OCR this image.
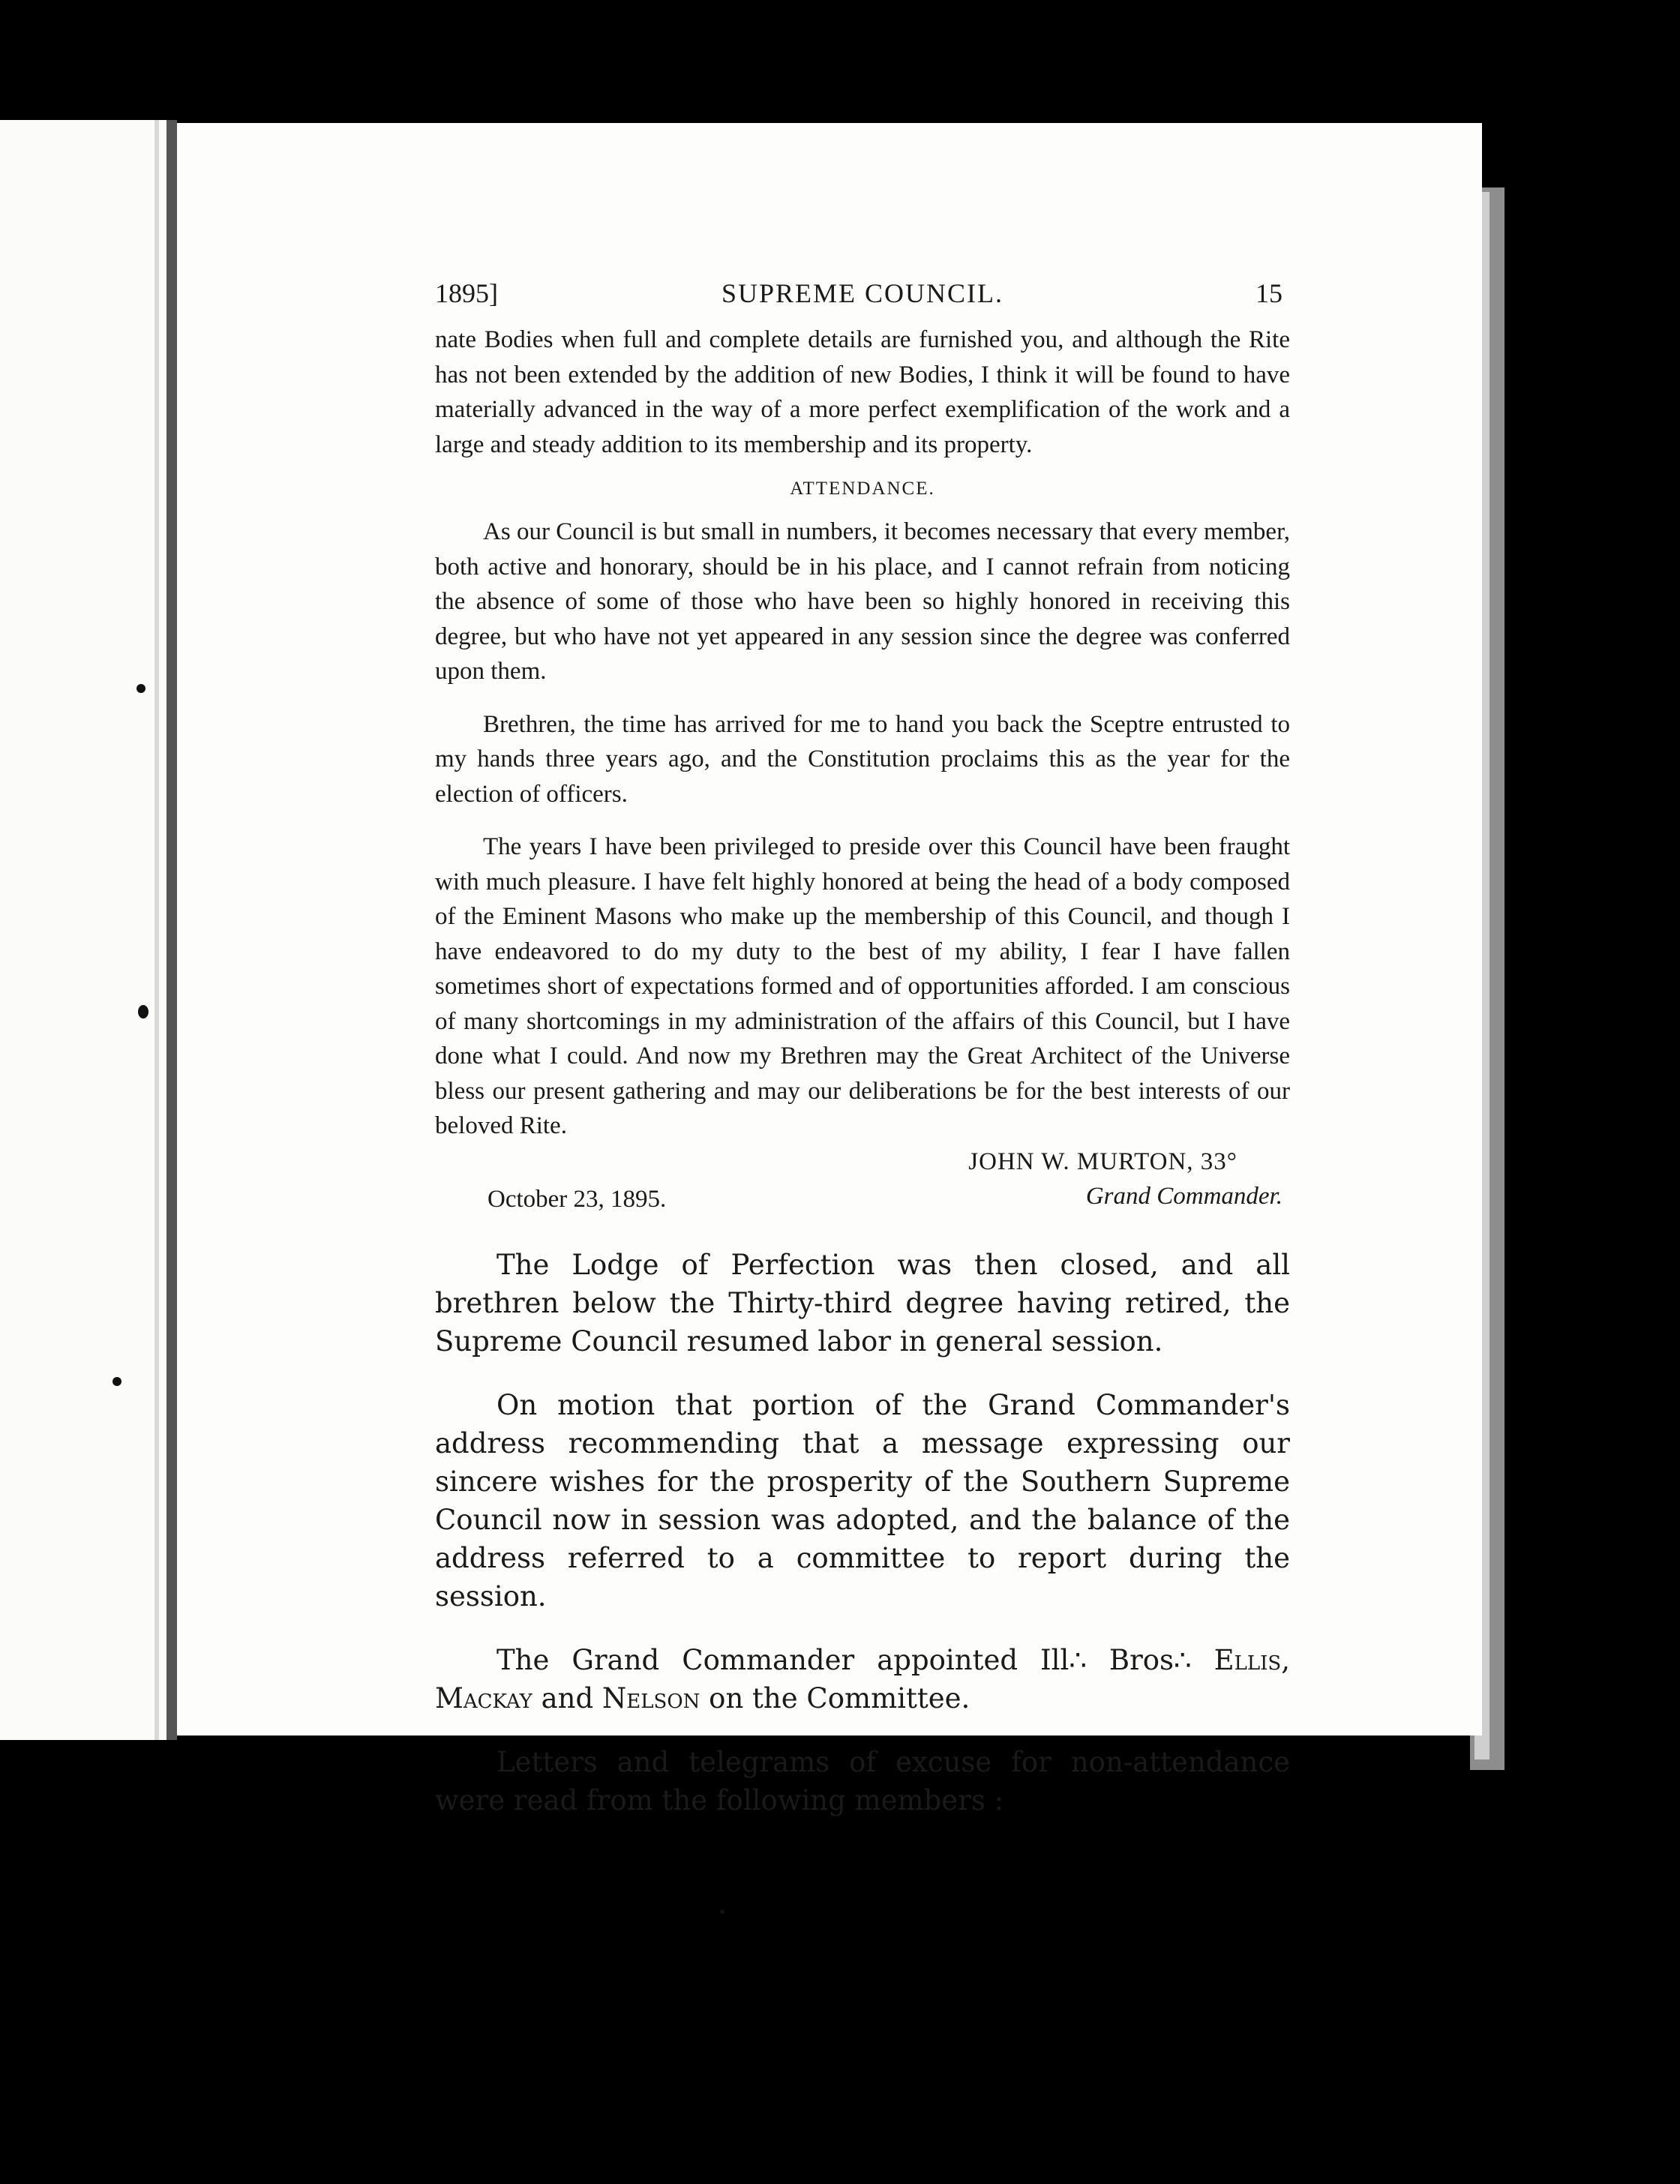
1895]	SUPREME COUNCIL.	15

nate Bodies when full and complete details are furnished you, and although the Rite has not been extended by the addition of new Bodies, I think it will be found to have materially advanced in the way of a more perfect exemplification of the work and a large and steady addition to its membership and its property.

ATTENDANCE.

As our Council is but small in numbers, it becomes necessary that every member, both active and honorary, should be in his place, and I cannot refrain from noticing the absence of some of those who have been so highly honored in receiving this degree, but who have not yet appeared in any session since the degree was conferred upon them.

Brethren, the time has arrived for me to hand you back the Sceptre entrusted to my hands three years ago, and the Constitution proclaims this as the year for the election of officers.

The years I have been privileged to preside over this Council have been fraught with much pleasure. I have felt highly honored at being the head of a body composed of the Eminent Masons who make up the membership of this Council, and though I have endeavored to do my duty to the best of my ability, I fear I have fallen sometimes short of expectations formed and of opportunities afforded. I am conscious of many shortcomings in my administration of the affairs of this Council, but I have done what I could. And now my Brethren may the Great Architect of the Universe bless our present gathering and may our deliberations be for the best interests of our beloved Rite.

JOHN W. MURTON, 33°
Grand Commander.
October 23, 1895.

The Lodge of Perfection was then closed, and all brethren below the Thirty-third degree having retired, the Supreme Council resumed labor in general session.

On motion that portion of the Grand Commander's address recommending that a message expressing our sincere wishes for the prosperity of the Southern Supreme Council now in session was adopted, and the balance of the address referred to a committee to report during the session.

The Grand Commander appointed Ill∴ Bros∴ Ellis, Mackay and Nelson on the Committee.

Letters and telegrams of excuse for non-attendance were read from the following members :
